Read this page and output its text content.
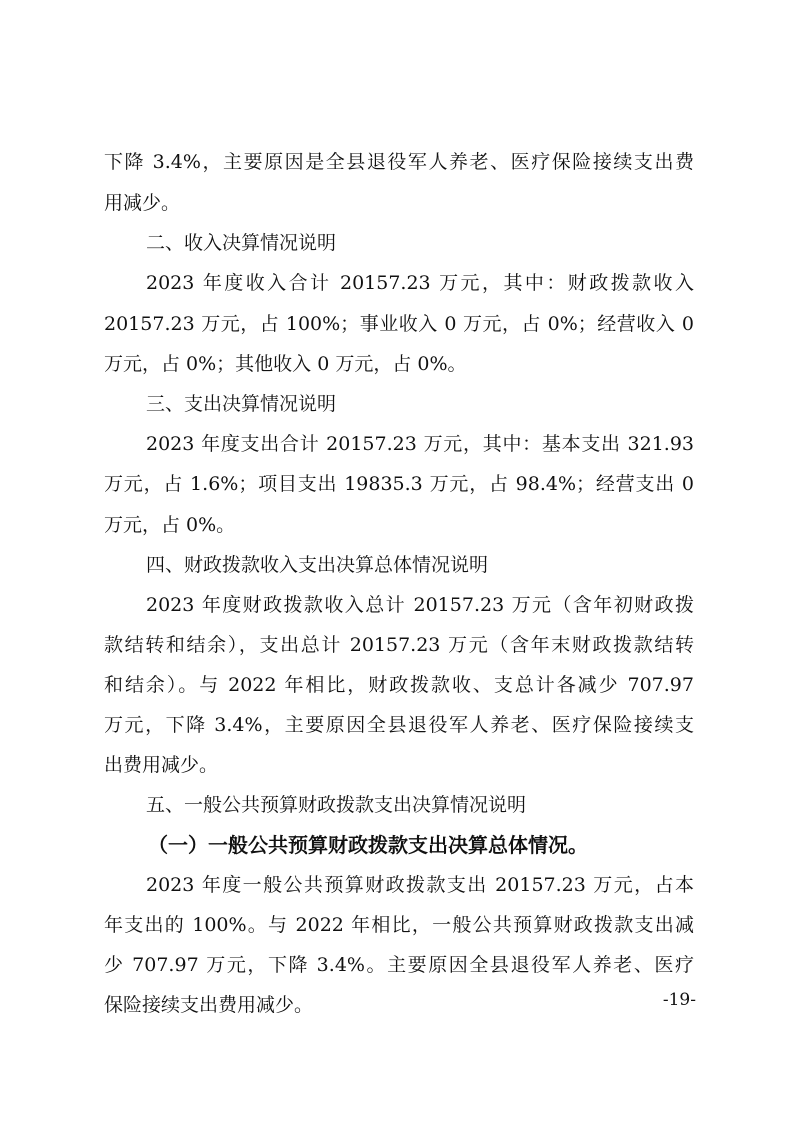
下降 3.4%，主要原因是全县退役军人养老、医疗保险接续支出费
用减少。
二、收入决算情况说明
2023 年度收入合计 20157.23 万元，其中：财政拨款收入
20157.23 万元，占 100%；事业收入 0 万元，占 0%；经营收入 0
万元，占 0%；其他收入 0 万元，占 0%。
三、支出决算情况说明
2023 年度支出合计 20157.23 万元，其中：基本支出 321.93
万元，占 1.6%；项目支出 19835.3 万元，占 98.4%；经营支出 0
万元，占 0%。
四、财政拨款收入支出决算总体情况说明
2023 年度财政拨款收入总计 20157.23 万元（含年初财政拨
款结转和结余），支出总计 20157.23 万元（含年末财政拨款结转
和结余）。与 2022 年相比，财政拨款收、支总计各减少 707.97
万元，下降 3.4%，主要原因全县退役军人养老、医疗保险接续支
出费用减少。
五、一般公共预算财政拨款支出决算情况说明
（一）一般公共预算财政拨款支出决算总体情况。
2023 年度一般公共预算财政拨款支出 20157.23 万元，占本
年支出的 100%。与 2022 年相比，一般公共预算财政拨款支出减
少 707.97 万元，下降 3.4%。主要原因全县退役军人养老、医疗
保险接续支出费用减少。	-19-
